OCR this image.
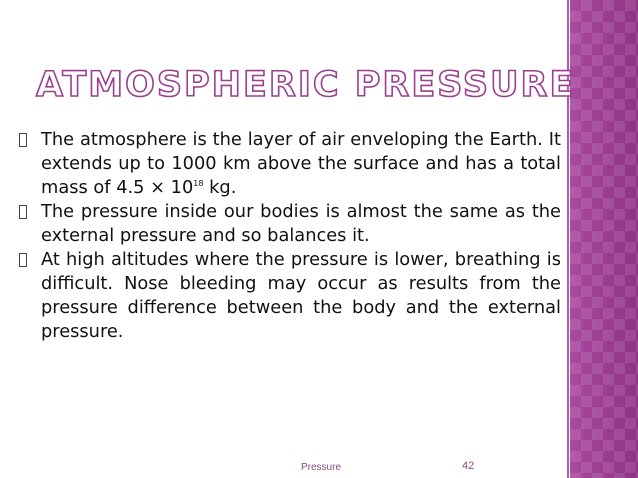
ATMOSPHERIC PRESSURE
The atmosphere is the layer of air enveloping the Earth. It extends up to 1000 km above the surface and has a total mass of $4.5 \times 10^{18}$ kg.
The pressure inside our bodies is almost the same as the external pressure and so balances it.
At high altitudes where the pressure is lower, breathing is difficult. Nose bleeding may occur as results from the pressure difference between the body and the external pressure.
Pressure	42
